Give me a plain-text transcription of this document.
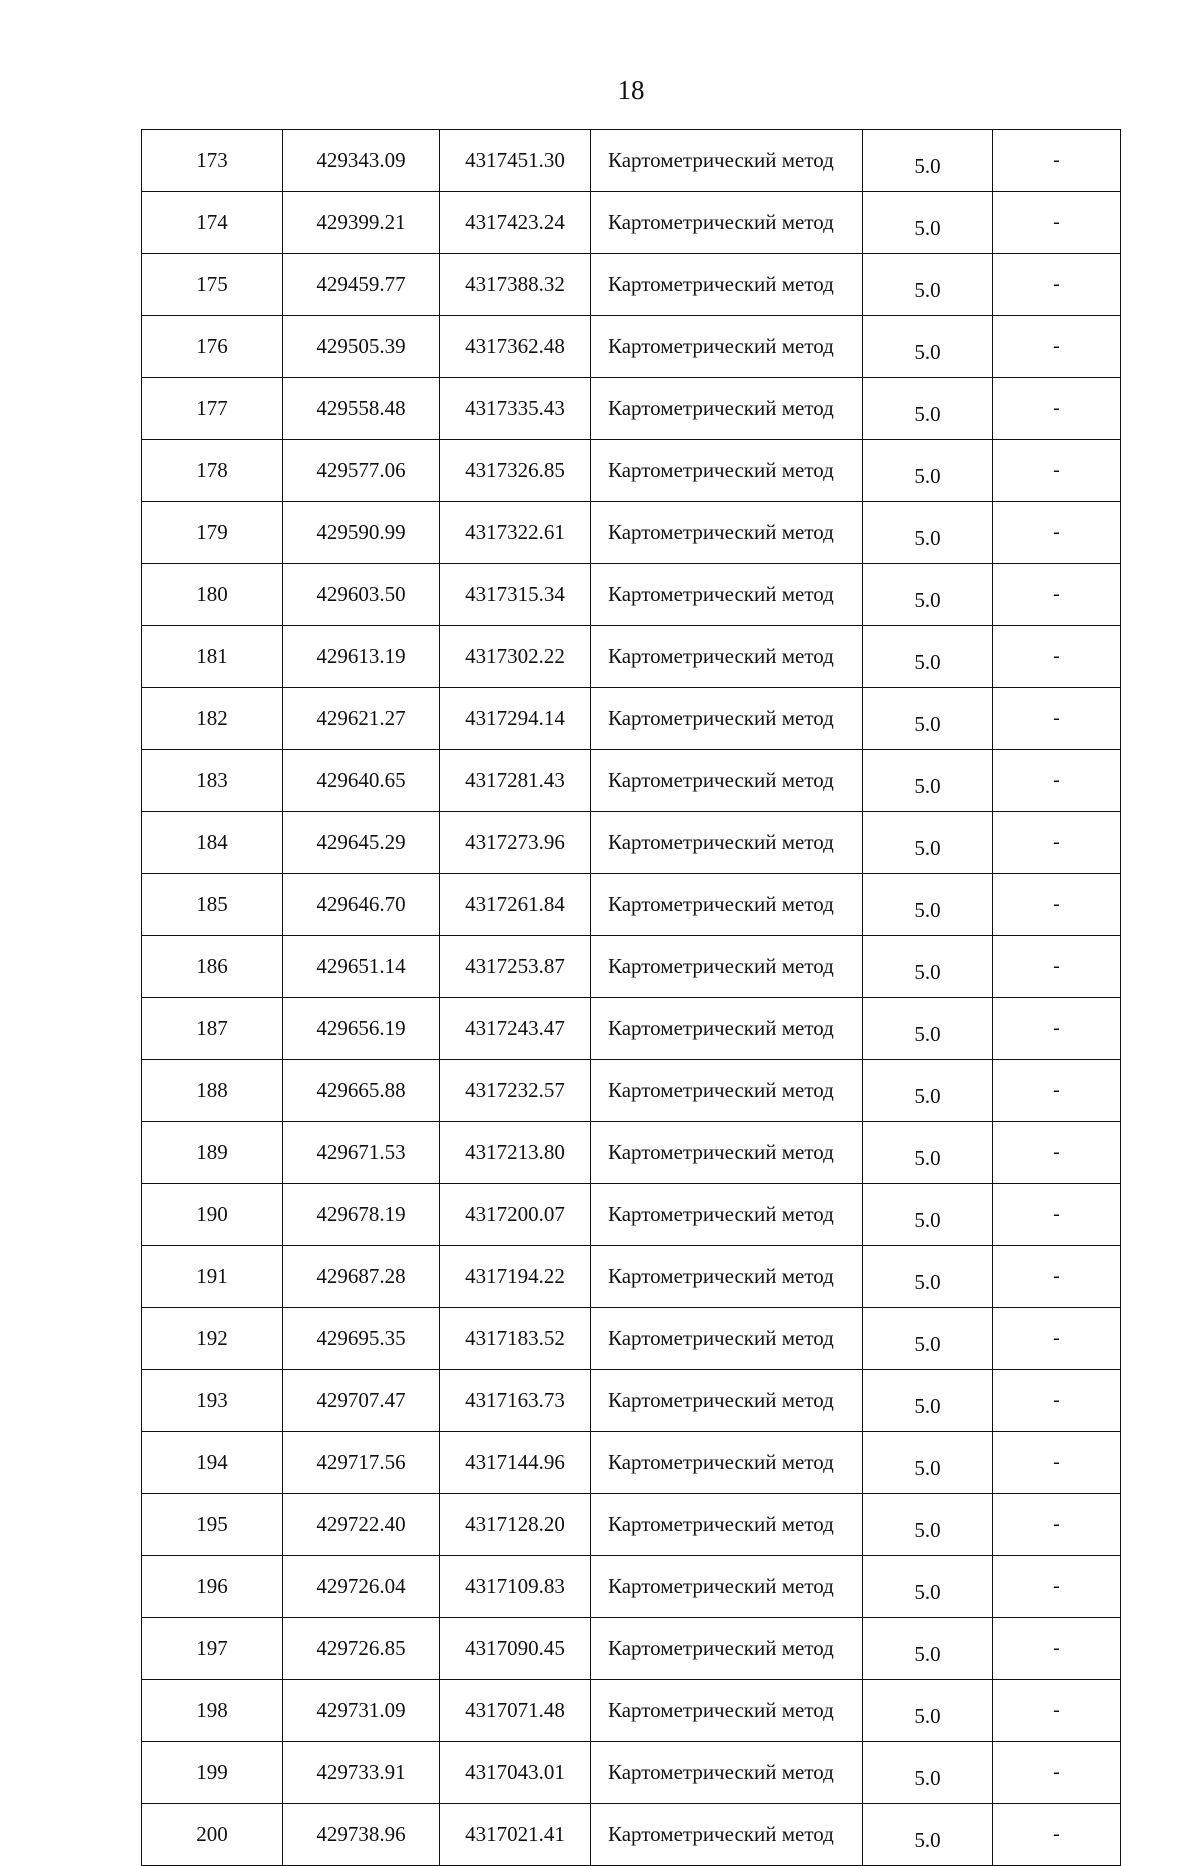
18
173	429343.09	4317451.30	Картометрический метод	5.0	-
174	429399.21	4317423.24	Картометрический метод	5.0	-
175	429459.77	4317388.32	Картометрический метод	5.0	-
176	429505.39	4317362.48	Картометрический метод	5.0	-
177	429558.48	4317335.43	Картометрический метод	5.0	-
178	429577.06	4317326.85	Картометрический метод	5.0	-
179	429590.99	4317322.61	Картометрический метод	5.0	-
180	429603.50	4317315.34	Картометрический метод	5.0	-
181	429613.19	4317302.22	Картометрический метод	5.0	-
182	429621.27	4317294.14	Картометрический метод	5.0	-
183	429640.65	4317281.43	Картометрический метод	5.0	-
184	429645.29	4317273.96	Картометрический метод	5.0	-
185	429646.70	4317261.84	Картометрический метод	5.0	-
186	429651.14	4317253.87	Картометрический метод	5.0	-
187	429656.19	4317243.47	Картометрический метод	5.0	-
188	429665.88	4317232.57	Картометрический метод	5.0	-
189	429671.53	4317213.80	Картометрический метод	5.0	-
190	429678.19	4317200.07	Картометрический метод	5.0	-
191	429687.28	4317194.22	Картометрический метод	5.0	-
192	429695.35	4317183.52	Картометрический метод	5.0	-
193	429707.47	4317163.73	Картометрический метод	5.0	-
194	429717.56	4317144.96	Картометрический метод	5.0	-
195	429722.40	4317128.20	Картометрический метод	5.0	-
196	429726.04	4317109.83	Картометрический метод	5.0	-
197	429726.85	4317090.45	Картометрический метод	5.0	-
198	429731.09	4317071.48	Картометрический метод	5.0	-
199	429733.91	4317043.01	Картометрический метод	5.0	-
200	429738.96	4317021.41	Картометрический метод	5.0	-
